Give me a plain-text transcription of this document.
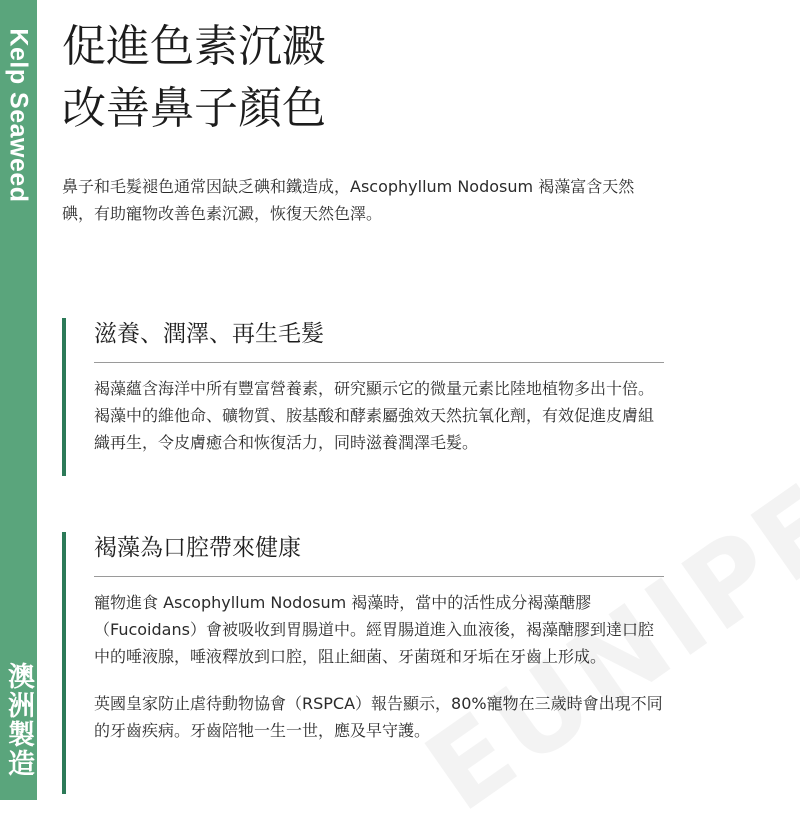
Kelp Seaweed
澳洲製造
促進色素沉澱
改善鼻子顏色

鼻子和毛髮褪色通常因缺乏碘和鐵造成，Ascophyllum Nodosum 褐藻富含天然碘，有助寵物改善色素沉澱，恢復天然色澤。

滋養、潤澤、再生毛髮

褐藻蘊含海洋中所有豐富營養素，研究顯示它的微量元素比陸地植物多出十倍。褐藻中的維他命、礦物質、胺基酸和酵素屬強效天然抗氧化劑，有效促進皮膚組織再生，令皮膚癒合和恢復活力，同時滋養潤澤毛髮。

褐藻為口腔帶來健康

寵物進食 Ascophyllum Nodosum 褐藻時，當中的活性成分褐藻醣膠（Fucoidans）會被吸收到胃腸道中。經胃腸道進入血液後，褐藻醣膠到達口腔中的唾液腺，唾液釋放到口腔，阻止細菌、牙菌斑和牙垢在牙齒上形成。

英國皇家防止虐待動物協會（RSPCA）報告顯示，80%寵物在三歲時會出現不同的牙齒疾病。牙齒陪牠一生一世，應及早守護。
